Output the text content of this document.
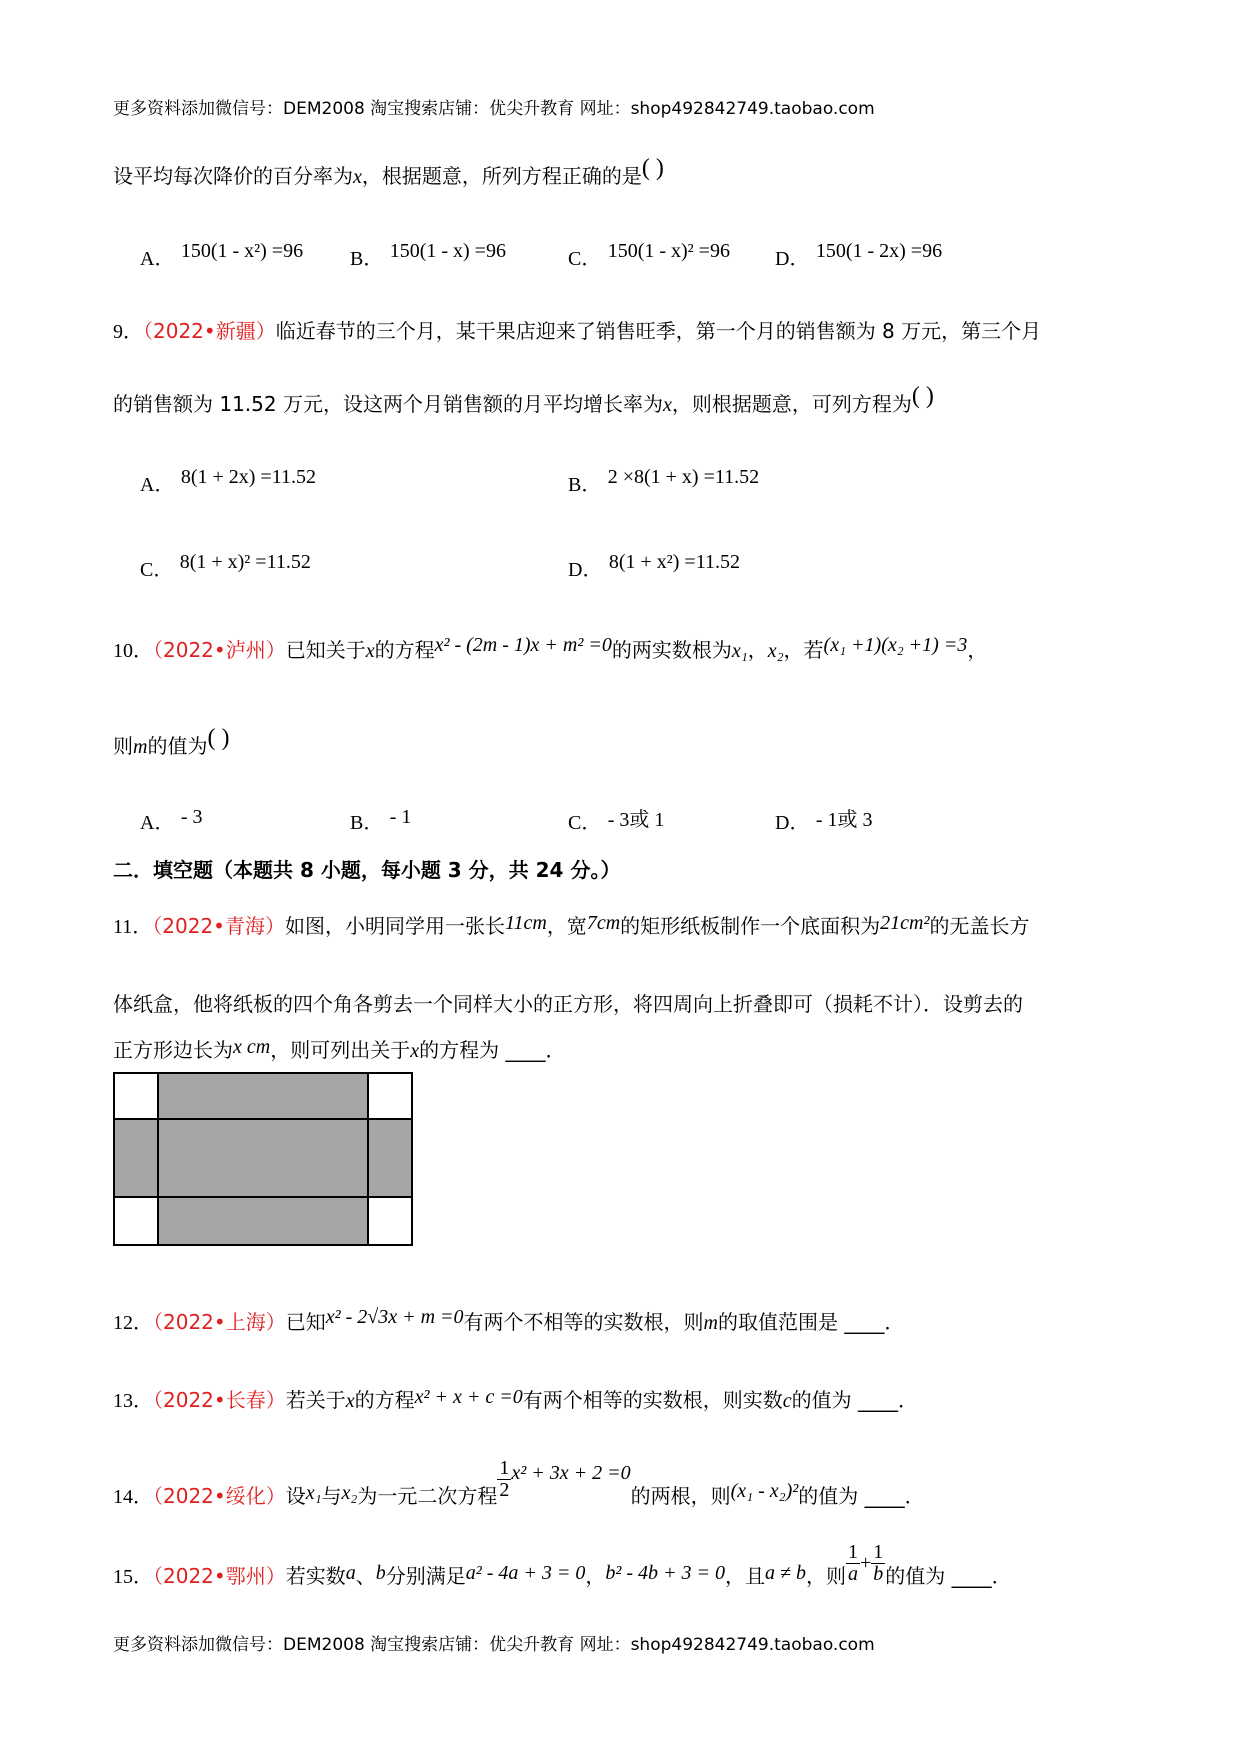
更多资料添加微信号：DEM2008 淘宝搜索店铺：优尖升教育 网址：shop492842749.taobao.com
设平均每次降价的百分率为x，根据题意，所列方程正确的是( )
A． 150(1 - x²) =96 B． 150(1 - x) =96	C． 150(1 - x)² =96 D． 150(1 - 2x) =96
9．（2022•新疆）临近春节的三个月，某干果店迎来了销售旺季，第一个月的销售额为 8 万元，第三个月
的销售额为 11.52 万元，设这两个月销售额的月平均增长率为x，则根据题意，可列方程为( )
A． 8(1 + 2x) =11.52	B． 2 ×8(1 + x) =11.52
C． 8(1 + x)² =11.52	D． 8(1 + x²) =11.52
10．（2022•泸州）已知关于x的方程x² - (2m - 1)x + m² =0的两实数根为x₁，x₂，若(x₁ +1)(x₂ +1) =3，
则m的值为( )
A． - 3	B． - 1	C． - 3或 1	D． - 1或 3
二．填空题（本题共 8 小题，每小题 3 分，共 24 分。）
11．（2022•青海）如图，小明同学用一张长11cm，宽7cm的矩形纸板制作一个底面积为21cm²的无盖长方
体纸盒，他将纸板的四个角各剪去一个同样大小的正方形，将四周向上折叠即可（损耗不计）．设剪去的
正方形边长为x cm，则可列出关于x的方程为 ____．
12．（2022•上海）已知x² - 2√3x + m =0有两个不相等的实数根，则m的取值范围是 ____．
13．（2022•长春）若关于x的方程x² + x + c =0有两个相等的实数根，则实数c的值为 ____．
14．（2022•绥化）设x₁与x₂为一元二次方程 $\frac{1}{2} x^2 + 3x + 2 =0$的两根，则(x₁ - x₂)²的值为 ____．
15．（2022•鄂州）若实数a、b分别满足a² - 4a + 3 = 0，b² - 4b + 3 = 0，且a ≠ b，则 $\frac{1}{a} + \frac{1}{b}$ 的值为 ____．
更多资料添加微信号：DEM2008 淘宝搜索店铺：优尖升教育 网址：shop492842749.taobao.com
